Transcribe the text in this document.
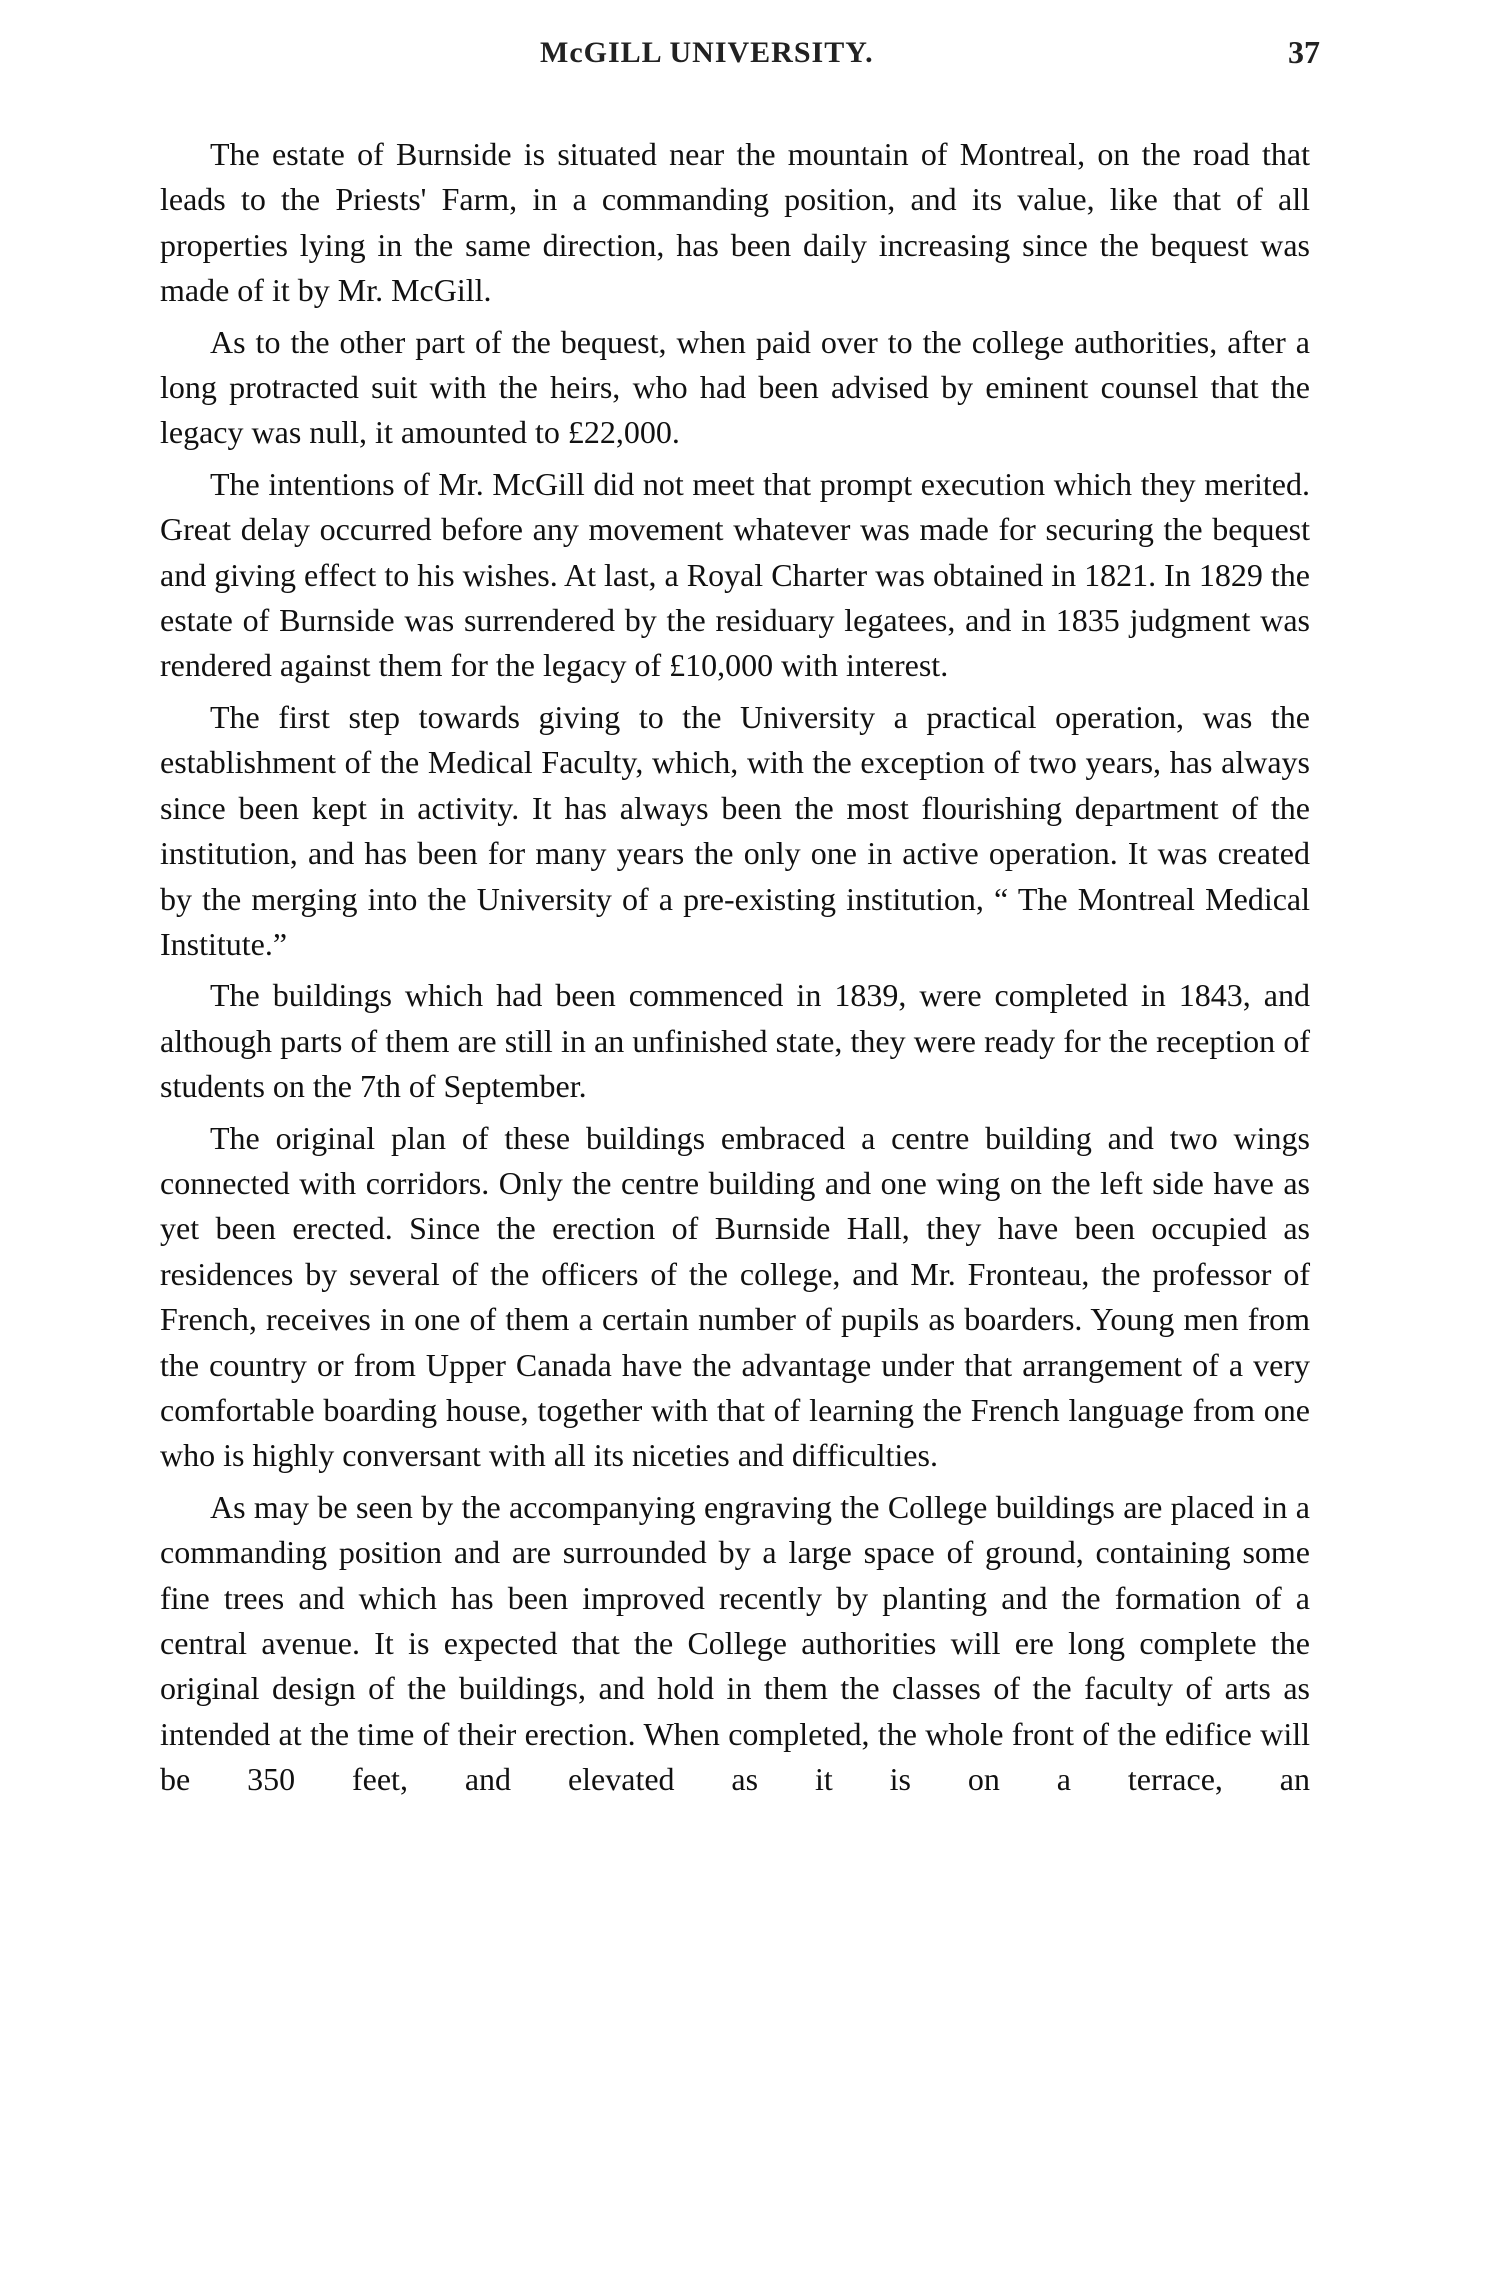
McGILL UNIVERSITY.	37

The estate of Burnside is situated near the mountain of Montreal, on the road that leads to the Priests' Farm, in a commanding position, and its value, like that of all properties lying in the same direction, has been daily increasing since the bequest was made of it by Mr. McGill.

As to the other part of the bequest, when paid over to the college authorities, after a long protracted suit with the heirs, who had been advised by eminent counsel that the legacy was null, it amounted to £22,000.

The intentions of Mr. McGill did not meet that prompt execution which they merited. Great delay occurred before any movement whatever was made for securing the bequest and giving effect to his wishes. At last, a Royal Charter was obtained in 1821. In 1829 the estate of Burnside was surrendered by the residuary legatees, and in 1835 judgment was rendered against them for the legacy of £10,000 with interest.

The first step towards giving to the University a practical operation, was the establishment of the Medical Faculty, which, with the exception of two years, has always since been kept in activity. It has always been the most flourishing department of the institution, and has been for many years the only one in active operation. It was created by the merging into the University of a pre-existing institution, “ The Montreal Medical Institute.”

The buildings which had been commenced in 1839, were completed in 1843, and although parts of them are still in an unfinished state, they were ready for the reception of students on the 7th of September.

The original plan of these buildings embraced a centre building and two wings connected with corridors. Only the centre building and one wing on the left side have as yet been erected. Since the erection of Burnside Hall, they have been occupied as residences by several of the officers of the college, and Mr. Fronteau, the professor of French, receives in one of them a certain number of pupils as boarders. Young men from the country or from Upper Canada have the advantage under that arrangement of a very comfortable boarding house, together with that of learning the French language from one who is highly conversant with all its niceties and difficulties.

As may be seen by the accompanying engraving the College buildings are placed in a commanding position and are surrounded by a large space of ground, containing some fine trees and which has been improved recently by planting and the formation of a central avenue. It is expected that the College authorities will ere long complete the original design of the buildings, and hold in them the classes of the faculty of arts as intended at the time of their erection. When completed, the whole front of the edifice will be 350 feet, and elevated as it is on a terrace, an
